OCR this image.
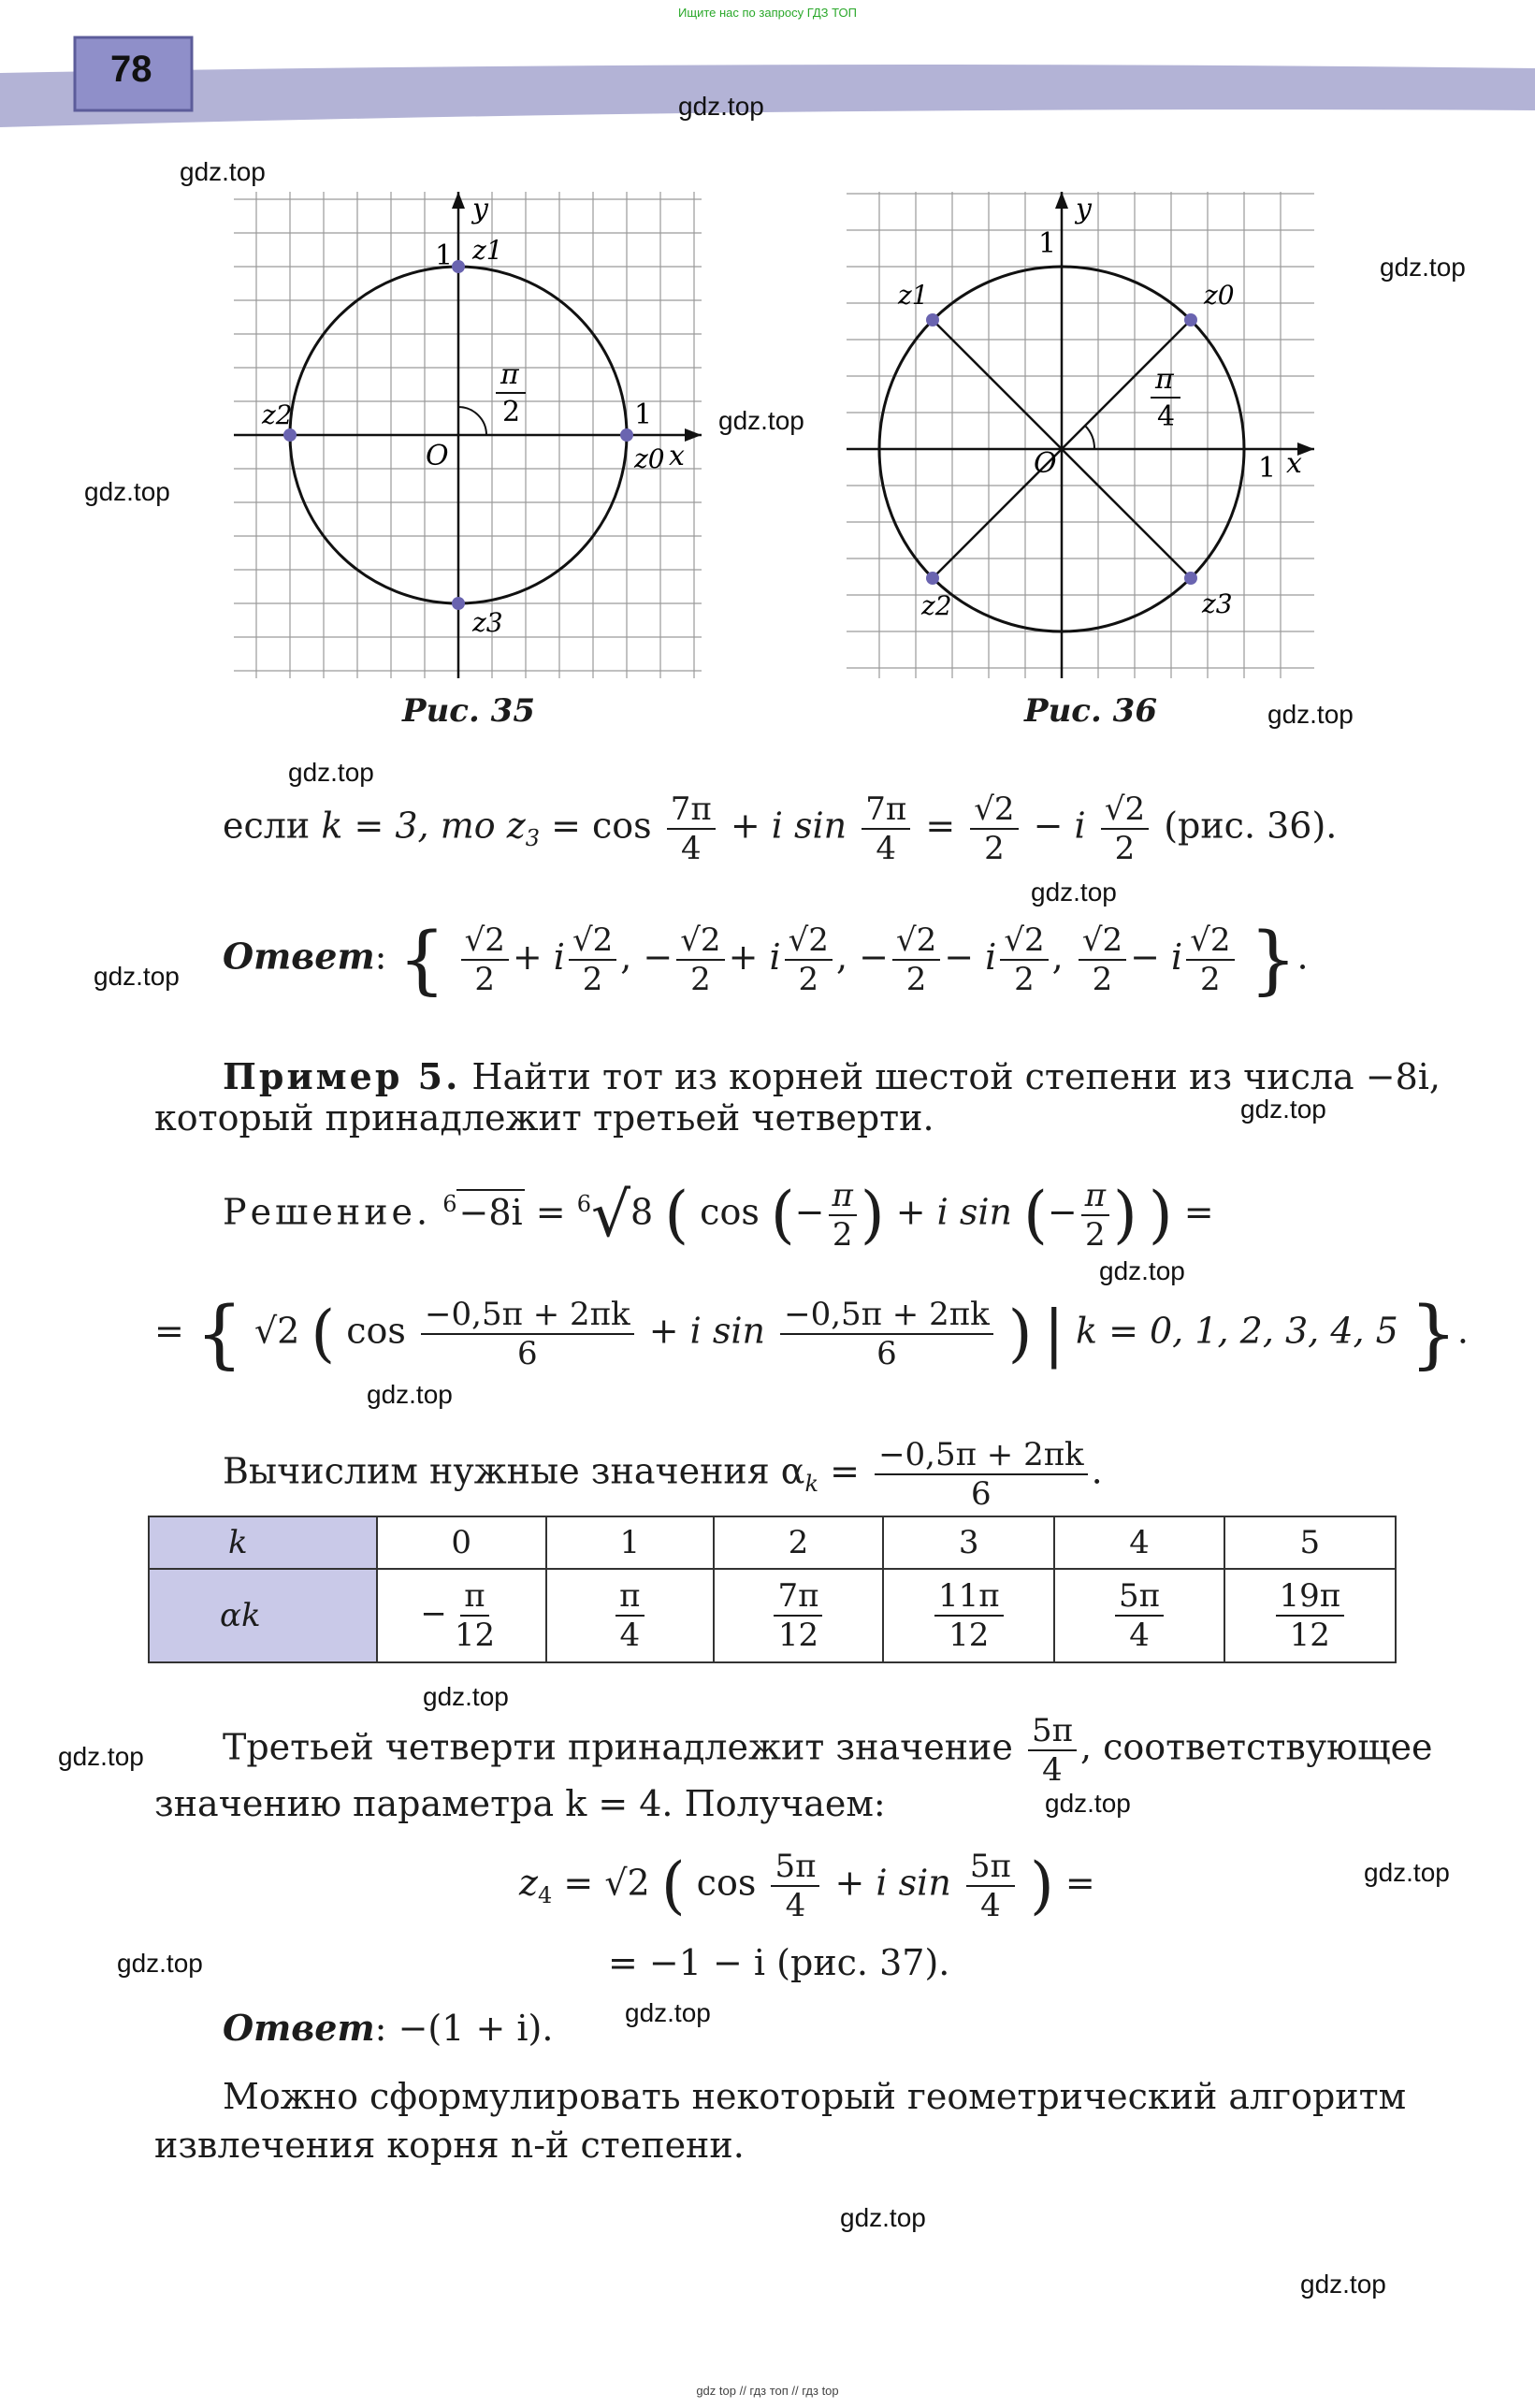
Ищите нас по запросу ГДЗ ТОП
78
y
x
O
1
1
π
2
z1
z2
z3
z0
Рис. 35
y
x
O
1
1
π
4
z0
z1
z2	z3
Рис. 36
если k = 3, то $z_3 = \cos \frac{7\pi}{4} + i$ $\sin \frac{7\pi}{4} = \frac{√2}{2} - i \frac{√2}{2} (рис$. 36).
Ответ: { $\frac{√2}{2} + i \frac{√2}{2}$ , − $\frac{√2}{2} + i \frac{√2}{2}$ , − $\frac{√2}{2} - i \frac{√2}{2}$ , $\frac{√2}{2} - i \frac{√2}{2}$ }.
Пример 5. Найти тот из корней шестой степени из числа −8i,
который принадлежит третьей четверти.
Решение. $^6$−8i = $^6$√8 ( cos (− $\frac{\pi}{2}$ ) + i sin (− $\frac{\pi}{2}$ ) ) =
= { √2 ( $\cos \frac{-0,5\pi + 2\pi k}{6} + i$ $\sin \frac{-0,5\pi + 2\pi k}{6}$ ) | k = 0, 1, 2, 3, 4, 5 }.
Вычислим нужные значения $\alpha_k = \frac{-0,5\pi + 2\pi k}{6}$ .
k	0	1	2	3	4	5
αk	− $\frac{\pi}{12}$	$\frac{\pi}{4}$	$\frac{7\pi}{12}$	$\frac{11\pi}{12}$	$\frac{5\pi}{4}$	$\frac{19\pi}{12}$
Третьей четверти принадлежит значение $\frac{5\pi}{4}$ , соответствующее
значению параметра k = 4. Получаем:
$z_4 = √2$ ( $\cos \frac{5\pi}{4} + i$ $\sin \frac{5\pi}{4}$ ) =
= −1 − i (рис. 37).
Ответ: −(1 + i).
Можно сформулировать некоторый геометрический алгоритм
извлечения корня n-й степени.
gdz.top
gdz.top
gdz.top
gdz.top
gdz.top
gdz.top
gdz.top
gdz.top
gdz.top
gdz.top
gdz.top
gdz.top
gdz.top
gdz.top
gdz.top
gdz.top
gdz.top
gdz.top
gdz.top
gdz.top
gdz top // гдз топ // гдз top
